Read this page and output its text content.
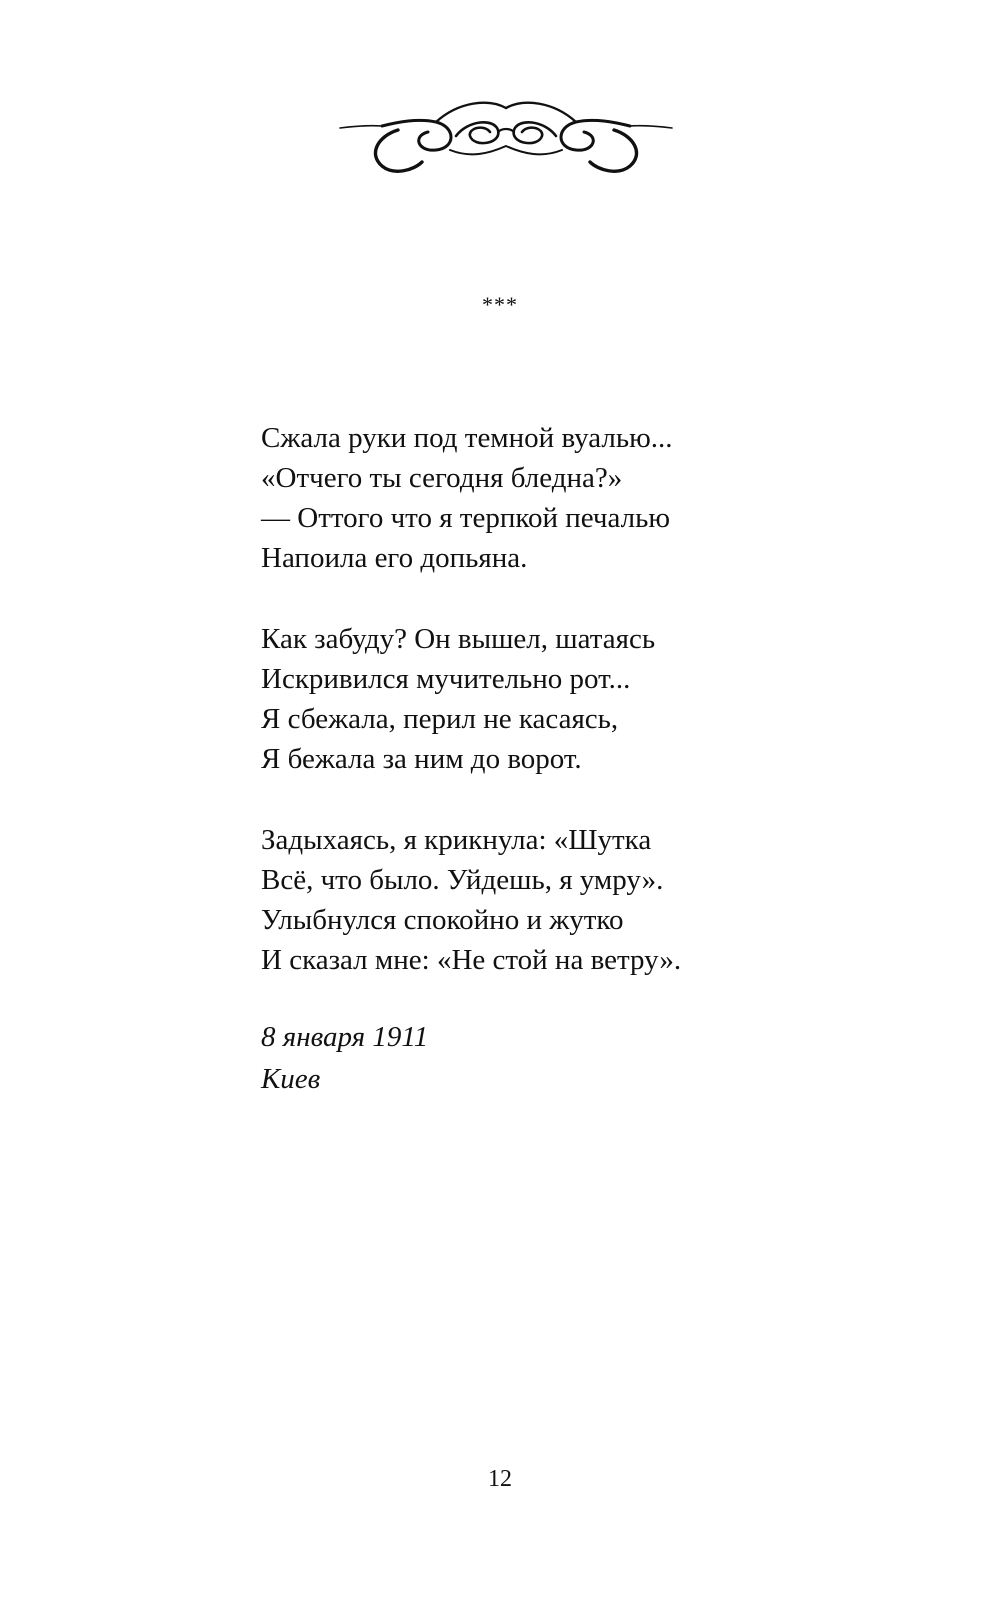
***
Сжала руки под темной вуалью...
«Отчего ты сегодня бледна?»
— Оттого что я терпкой печалью
Напоила его допьяна.
Как забуду? Он вышел, шатаясь
Искривился мучительно рот...
Я сбежала, перил не касаясь,
Я бежала за ним до ворот.
Задыхаясь, я крикнула: «Шутка
Всё, что было. Уйдешь, я умру».
Улыбнулся спокойно и жутко
И сказал мне: «Не стой на ветру».
8 января 1911
Киев
12
